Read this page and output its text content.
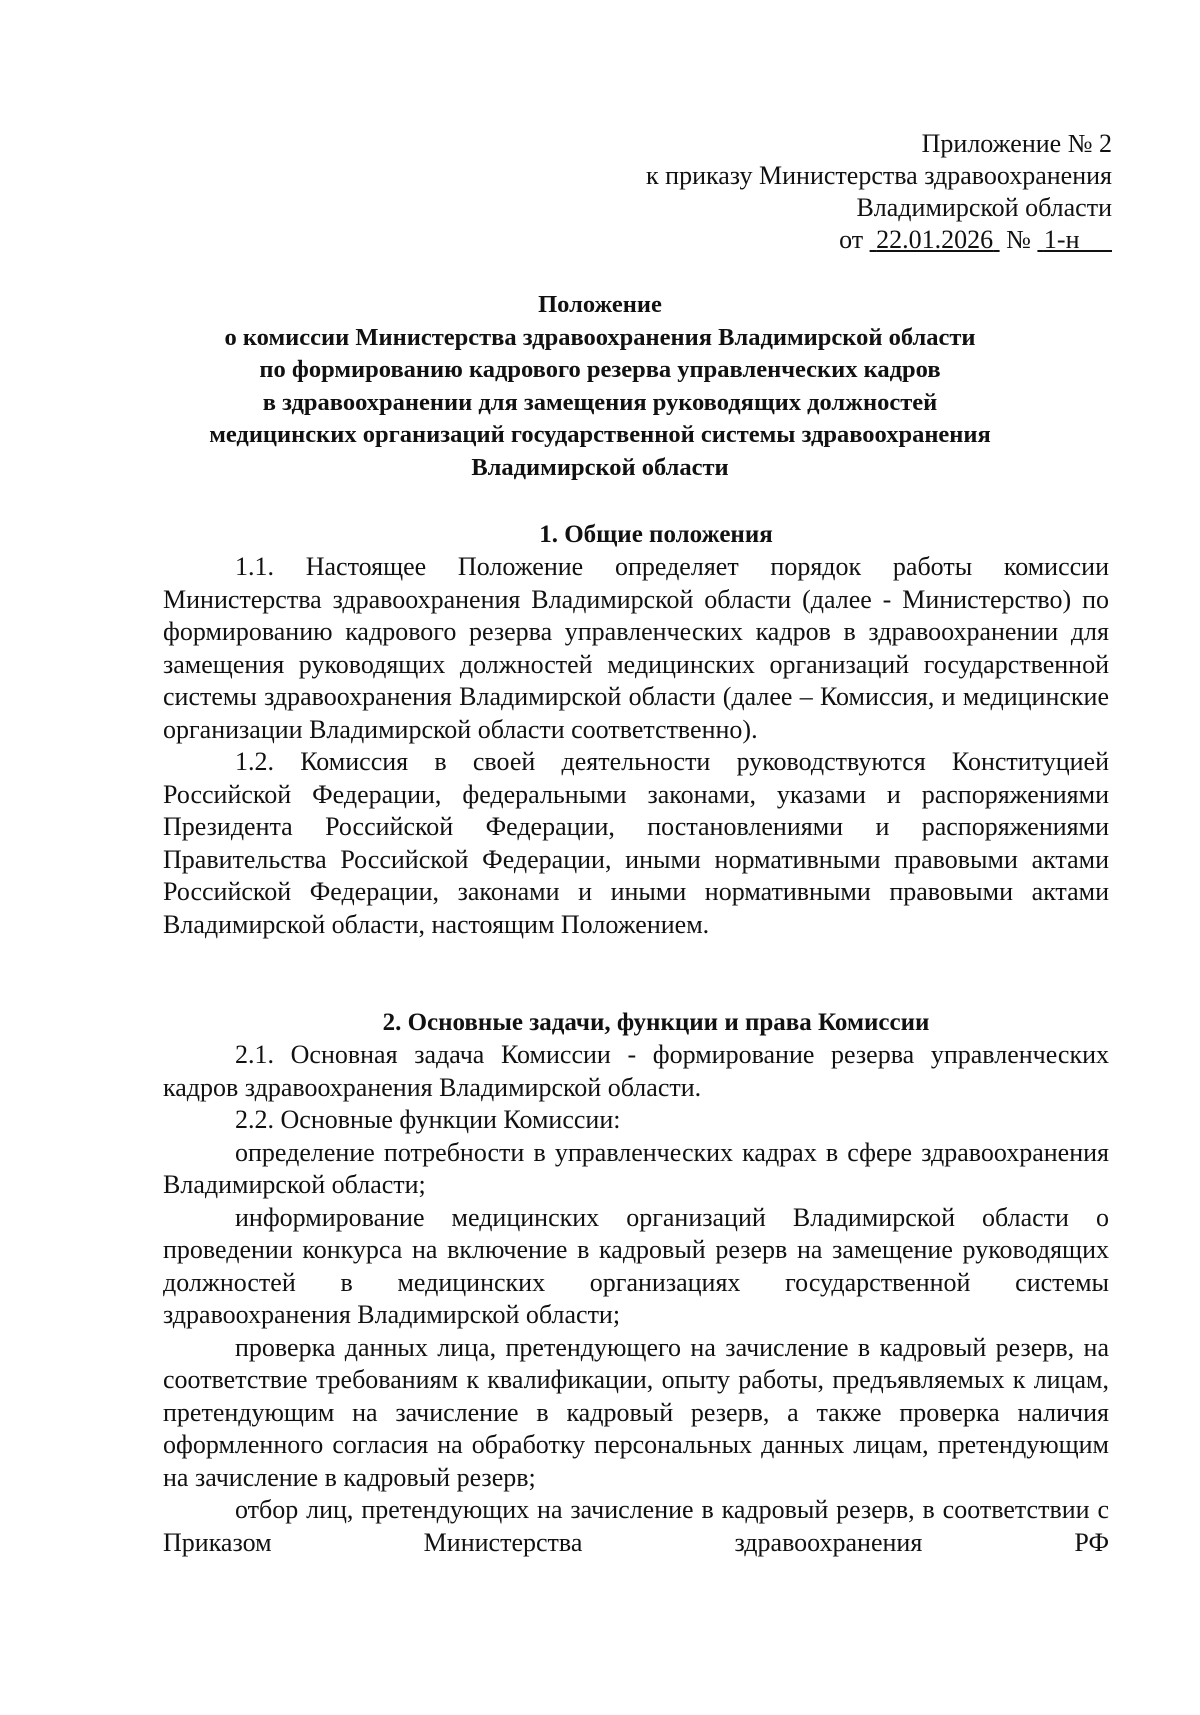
Приложение № 2
к приказу Министерства здравоохранения
Владимирской области
от 22.01.2026 № 1-н
Положение
о комиссии Министерства здравоохранения Владимирской области
по формированию кадрового резерва управленческих кадров
в здравоохранении для замещения руководящих должностей
медицинских организаций государственной системы здравоохранения
Владимирской области

1. Общие положения

1.1. Настоящее Положение определяет порядок работы комиссии Министерства здравоохранения Владимирской области (далее - Министерство) по формированию кадрового резерва управленческих кадров в здравоохранении для замещения руководящих должностей медицинских организаций государственной системы здравоохранения Владимирской области (далее – Комиссия, и медицинские организации Владимирской области соответственно).

1.2. Комиссия в своей деятельности руководствуются Конституцией Российской Федерации, федеральными законами, указами и распоряжениями Президента Российской Федерации, постановлениями и распоряжениями Правительства Российской Федерации, иными нормативными правовыми актами Российской Федерации, законами и иными нормативными правовыми актами Владимирской области, настоящим Положением.

2. Основные задачи, функции и права Комиссии

2.1. Основная задача Комиссии - формирование резерва управленческих кадров здравоохранения Владимирской области.

2.2. Основные функции Комиссии:

определение потребности в управленческих кадрах в сфере здравоохранения Владимирской области;

информирование медицинских организаций Владимирской области о проведении конкурса на включение в кадровый резерв на замещение руководящих должностей в медицинских организациях государственной системы здравоохранения Владимирской области;

проверка данных лица, претендующего на зачисление в кадровый резерв, на соответствие требованиям к квалификации, опыту работы, предъявляемых к лицам, претендующим на зачисление в кадровый резерв, а также проверка наличия оформленного согласия на обработку персональных данных лицам, претендующим на зачисление в кадровый резерв;

отбор лиц, претендующих на зачисление в кадровый резерв, в соответствии с Приказом Министерства здравоохранения РФ
